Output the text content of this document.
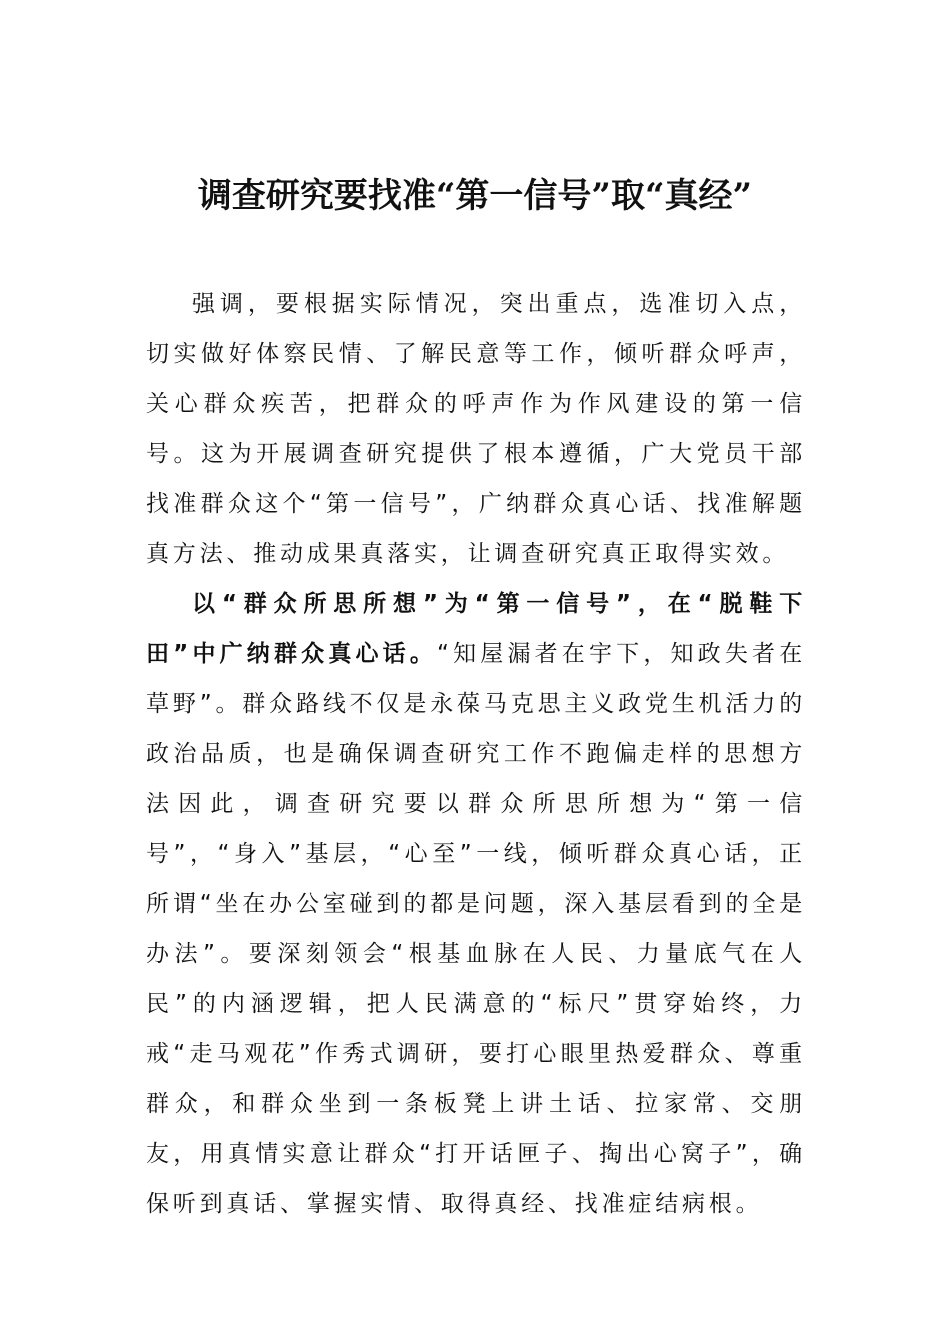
调查研究要找准“第一信号”取“真经”

强调，要根据实际情况，突出重点，选准切入点，切实做好体察民情、了解民意等工作，倾听群众呼声，关心群众疾苦，把群众的呼声作为作风建设的第一信号。这为开展调查研究提供了根本遵循，广大党员干部找准群众这个“第一信号”，广纳群众真心话、找准解题真方法、推动成果真落实，让调查研究真正取得实效。

以“群众所思所想”为“第一信号”，在“脱鞋下田”中广纳群众真心话。“知屋漏者在宇下，知政失者在草野”。群众路线不仅是永葆马克思主义政党生机活力的政治品质，也是确保调查研究工作不跑偏走样的思想方法因此，调查研究要以群众所思所想为“第一信号”，“身入”基层，“心至”一线，倾听群众真心话，正所谓“坐在办公室碰到的都是问题，深入基层看到的全是办法”。要深刻领会“根基血脉在人民、力量底气在人民”的内涵逻辑，把人民满意的“标尺”贯穿始终，力戒“走马观花”作秀式调研，要打心眼里热爱群众、尊重群众，和群众坐到一条板凳上讲土话、拉家常、交朋友，用真情实意让群众“打开话匣子、掏出心窝子”，确保听到真话、掌握实情、取得真经、找准症结病根。
